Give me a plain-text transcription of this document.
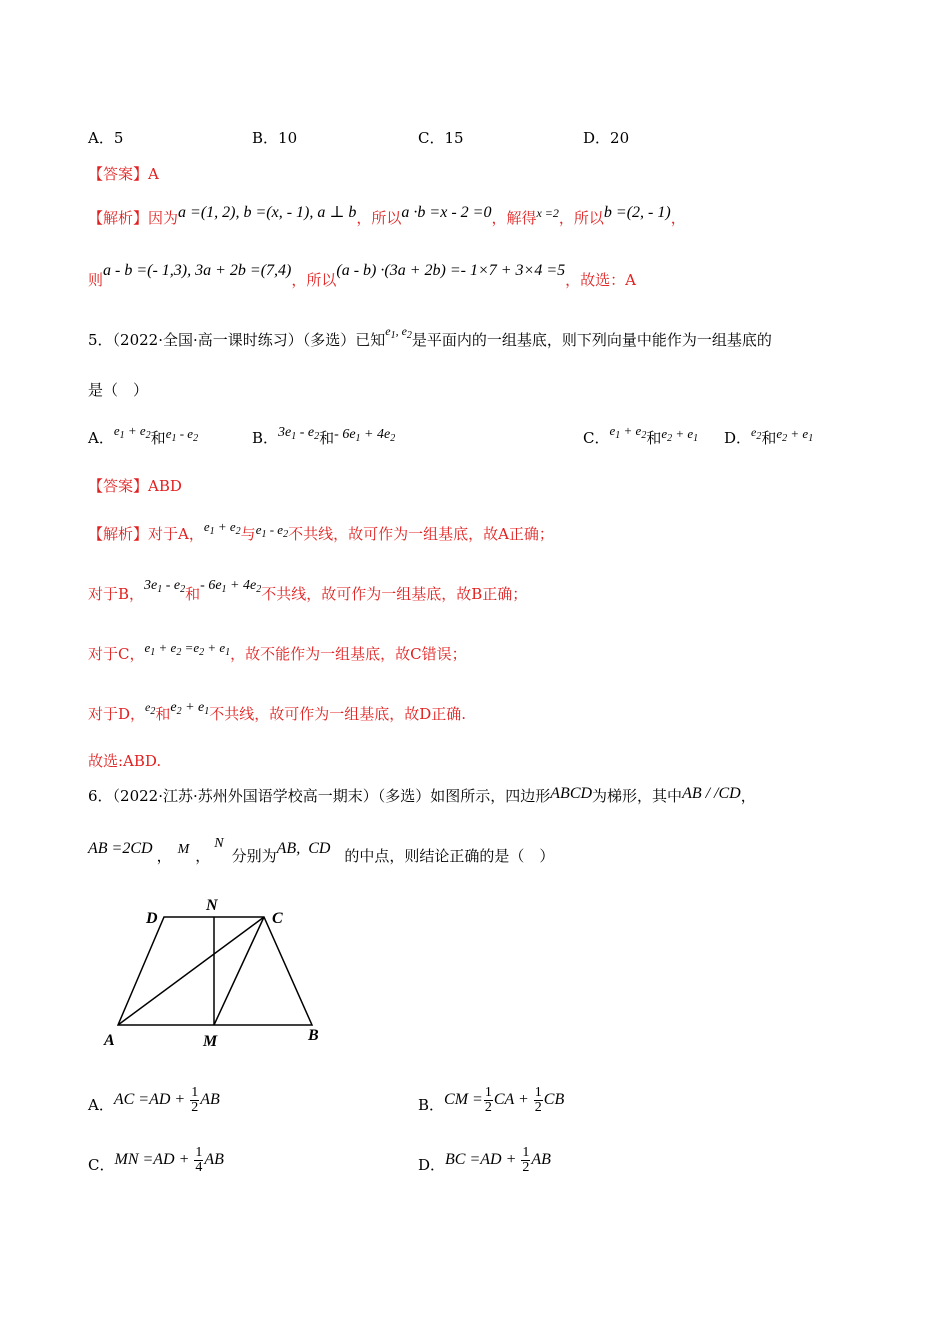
A．5	B．10	C．15	D．20
【答案】A
【解析】因为a =(1, 2), b =(x, - 1), a ⊥ b，所以a ·b =x - 2 =0，解得$^{x =2}$，所以b =(2, - 1)，
则a - b =(- 1,3), 3a + 2b =(7,4)，所以(a - b) ·(3a + 2b) =- 1×7 + 3×4 =5，故选：A
5．（2022·全国·高一课时练习）（多选）已知$^{e_1, e_2}$是平面内的一组基底，则下列向量中能作为一组基底的
是（　）
A．$e_1 + e_2$和$e_1 - e_2$	B．$3e_1 - e_2$和- $6e_1 + 4e_2$	C．$e_1 + e_2$和$e_2 + e_1$ D．$^{e_2}$和$e_2 + e_1$
【答案】ABD
【解析】对于A，$e_1 + e_2$与$e_1 - e_2$不共线，故可作为一组基底，故A正确；
对于B，$3e_1 - e_2$和- $6e_1 + 4e_2$不共线，故可作为一组基底，故B正确；
对于C，$e_1 + e_2 =e_2 + e_1$，故不能作为一组基底，故C错误；
对于D，$^{e_2}$和$e_2 + e_1$不共线，故可作为一组基底，故D正确.
故选:ABD.
6．（2022·江苏·苏州外国语学校高一期末）（多选）如图所示，四边形ABCD为梯形，其中AB / /CD，
AB =2CD ， M ，N分别为AB,  CD 的中点，则结论正确的是（　）
D
N
C
A	M	B
A．AC $=AD + \frac{1}{2}$ AB	B．CM = $\frac{1}{2}$ CA + $\frac{1}{2}$ CB
C．MN $=AD + \frac{1}{4}$ AB	D．BC $=AD + \frac{1}{2}$ AB
